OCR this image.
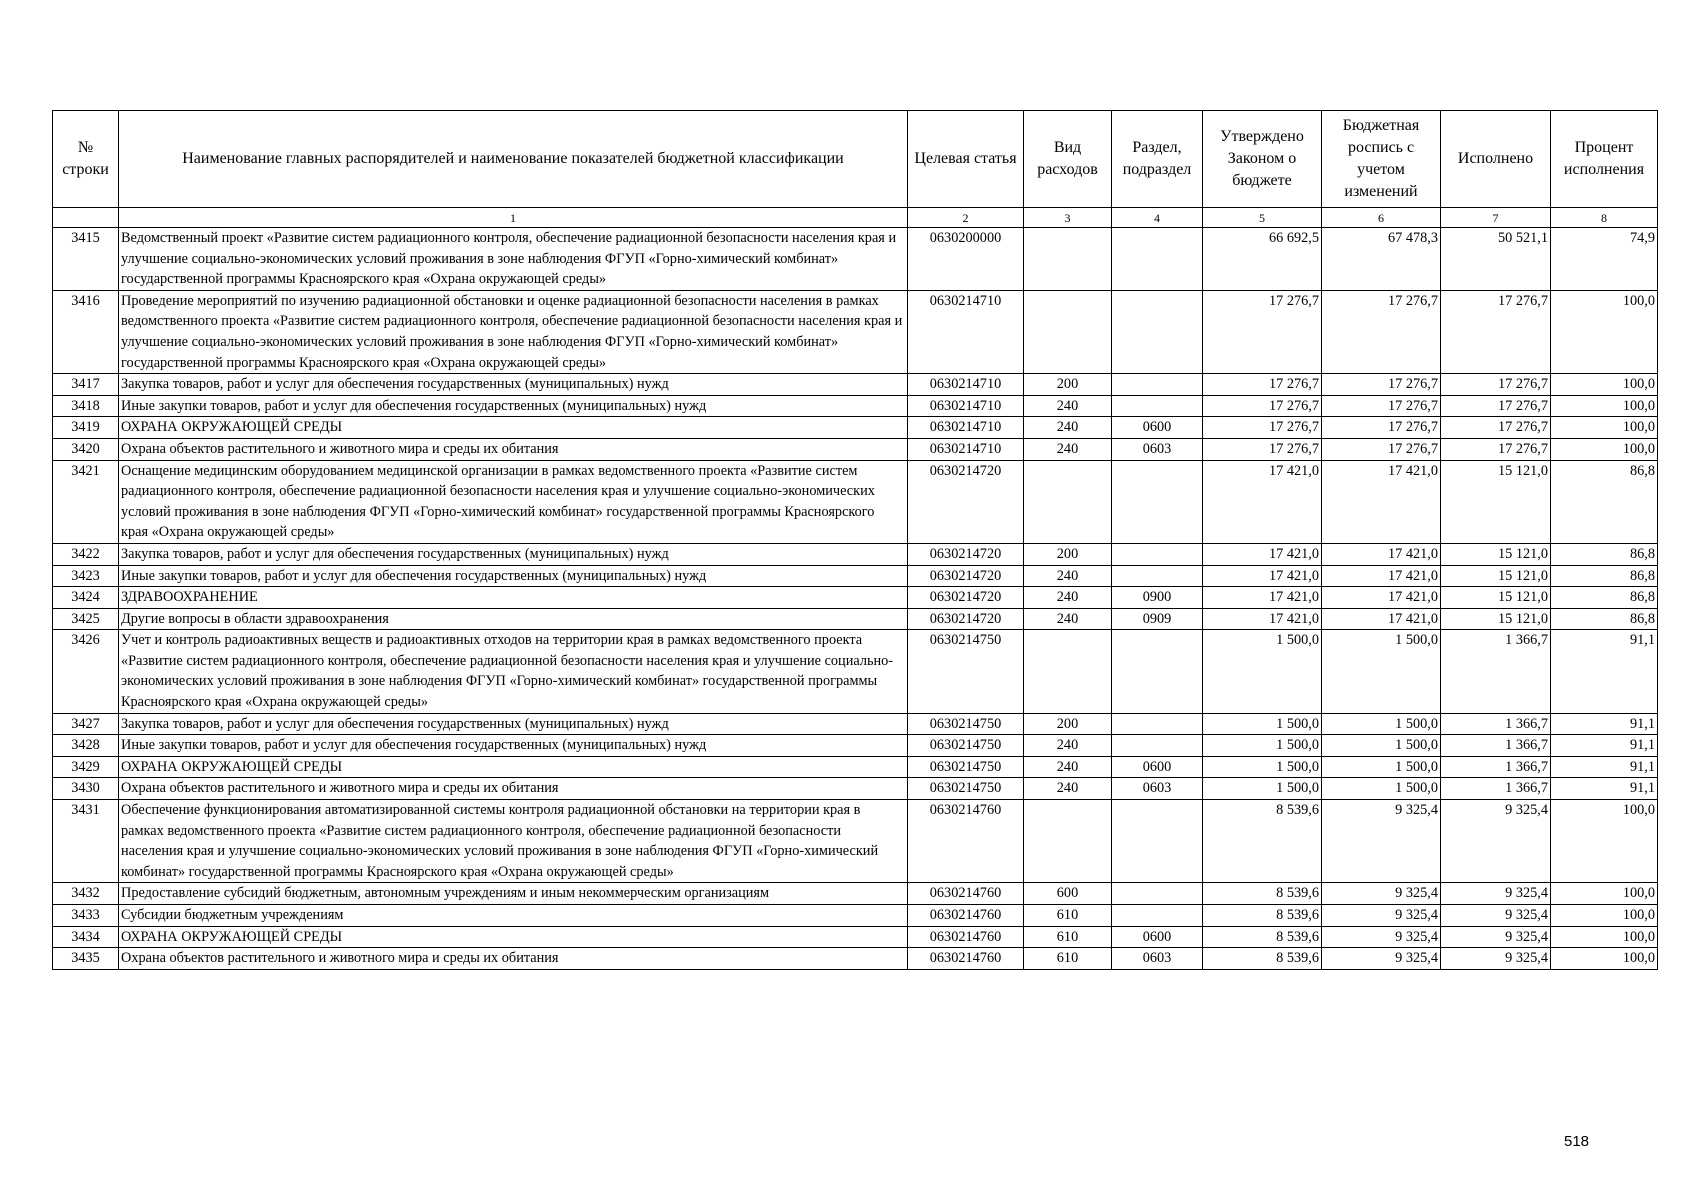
№ строки	Наименование главных распорядителей и наименование показателей бюджетной классификации	Целевая статья	Вид расходов	Раздел, подраздел	Утверждено Законом о бюджете	Бюджетная роспись с учетом изменений	Исполнено	Процент исполнения
	1	2	3	4	5	6	7	8
3415	Ведомственный проект «Развитие систем радиационного контроля, обеспечение радиационной безопасности населения края и улучшение социально-экономических условий проживания в зоне наблюдения ФГУП «Горно-химический комбинат» государственной программы Красноярского края «Охрана окружающей среды»	0630200000			66 692,5	67 478,3	50 521,1	74,9
3416	Проведение мероприятий по изучению радиационной обстановки и оценке радиационной безопасности населения в рамках ведомственного проекта «Развитие систем радиационного контроля, обеспечение радиационной безопасности населения края и улучшение социально-экономических условий проживания в зоне наблюдения ФГУП «Горно-химический комбинат» государственной программы Красноярского края «Охрана окружающей среды»	0630214710			17 276,7	17 276,7	17 276,7	100,0
3417	Закупка товаров, работ и услуг для обеспечения государственных (муниципальных) нужд	0630214710	200		17 276,7	17 276,7	17 276,7	100,0
3418	Иные закупки товаров, работ и услуг для обеспечения государственных (муниципальных) нужд	0630214710	240		17 276,7	17 276,7	17 276,7	100,0
3419	ОХРАНА ОКРУЖАЮЩЕЙ СРЕДЫ	0630214710	240	0600	17 276,7	17 276,7	17 276,7	100,0
3420	Охрана объектов растительного и животного мира и среды их обитания	0630214710	240	0603	17 276,7	17 276,7	17 276,7	100,0
3421	Оснащение медицинским оборудованием медицинской организации в рамках ведомственного проекта «Развитие систем радиационного контроля, обеспечение радиационной безопасности населения края и улучшение социально-экономических условий проживания в зоне наблюдения ФГУП «Горно-химический комбинат» государственной программы Красноярского края «Охрана окружающей среды»	0630214720			17 421,0	17 421,0	15 121,0	86,8
3422	Закупка товаров, работ и услуг для обеспечения государственных (муниципальных) нужд	0630214720	200		17 421,0	17 421,0	15 121,0	86,8
3423	Иные закупки товаров, работ и услуг для обеспечения государственных (муниципальных) нужд	0630214720	240		17 421,0	17 421,0	15 121,0	86,8
3424	ЗДРАВООХРАНЕНИЕ	0630214720	240	0900	17 421,0	17 421,0	15 121,0	86,8
3425	Другие вопросы в области здравоохранения	0630214720	240	0909	17 421,0	17 421,0	15 121,0	86,8
3426	Учет и контроль радиоактивных веществ и радиоактивных отходов на территории края в рамках ведомственного проекта «Развитие систем радиационного контроля, обеспечение радиационной безопасности населения края и улучшение социально-экономических условий проживания в зоне наблюдения ФГУП «Горно-химический комбинат» государственной программы Красноярского края «Охрана окружающей среды»	0630214750			1 500,0	1 500,0	1 366,7	91,1
3427	Закупка товаров, работ и услуг для обеспечения государственных (муниципальных) нужд	0630214750	200		1 500,0	1 500,0	1 366,7	91,1
3428	Иные закупки товаров, работ и услуг для обеспечения государственных (муниципальных) нужд	0630214750	240		1 500,0	1 500,0	1 366,7	91,1
3429	ОХРАНА ОКРУЖАЮЩЕЙ СРЕДЫ	0630214750	240	0600	1 500,0	1 500,0	1 366,7	91,1
3430	Охрана объектов растительного и животного мира и среды их обитания	0630214750	240	0603	1 500,0	1 500,0	1 366,7	91,1
3431	Обеспечение функционирования автоматизированной системы контроля радиационной обстановки на территории края в рамках ведомственного проекта «Развитие систем радиационного контроля, обеспечение радиационной безопасности населения края и улучшение социально-экономических условий проживания в зоне наблюдения ФГУП «Горно-химический комбинат» государственной программы Красноярского края «Охрана окружающей среды»	0630214760			8 539,6	9 325,4	9 325,4	100,0
3432	Предоставление субсидий бюджетным, автономным учреждениям и иным некоммерческим организациям	0630214760	600		8 539,6	9 325,4	9 325,4	100,0
3433	Субсидии бюджетным учреждениям	0630214760	610		8 539,6	9 325,4	9 325,4	100,0
3434	ОХРАНА ОКРУЖАЮЩЕЙ СРЕДЫ	0630214760	610	0600	8 539,6	9 325,4	9 325,4	100,0
3435	Охрана объектов растительного и животного мира и среды их обитания	0630214760	610	0603	8 539,6	9 325,4	9 325,4	100,0
518
